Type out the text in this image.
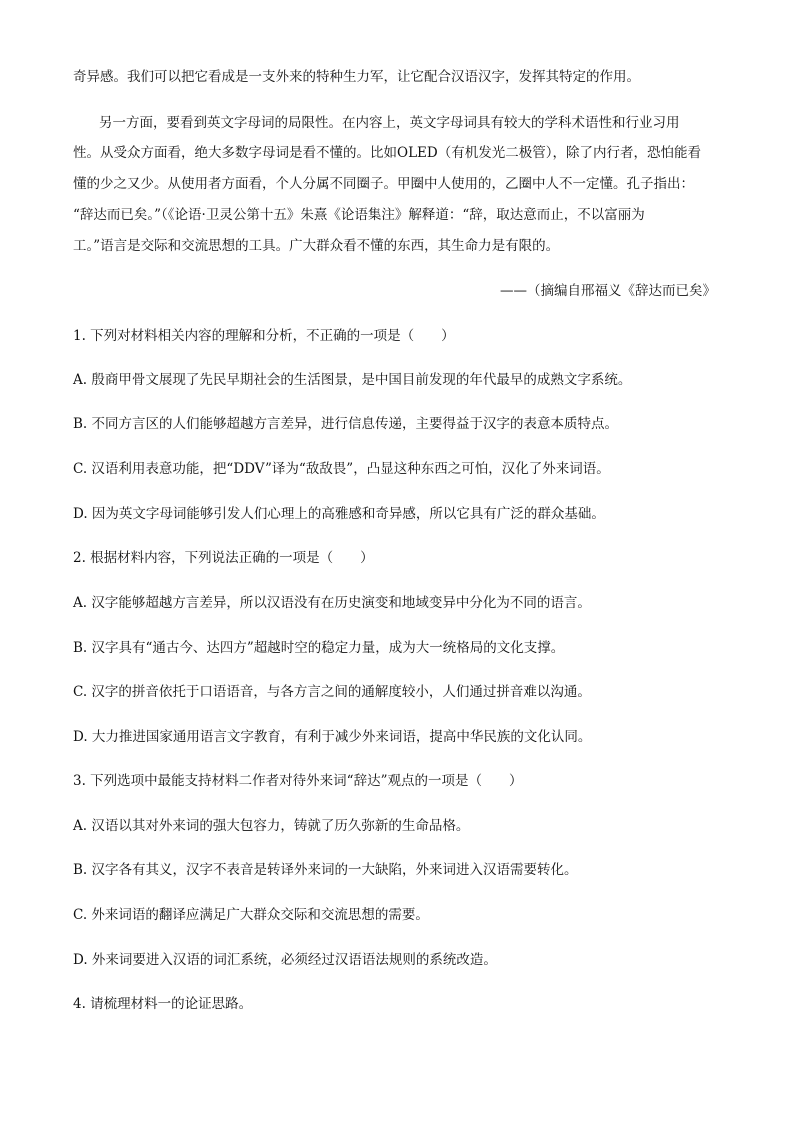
奇异感。我们可以把它看成是一支外来的特种生力军，让它配合汉语汉字，发挥其特定的作用。
另一方面，要看到英文字母词的局限性。在内容上，英文字母词具有较大的学科术语性和行业习用
性。从受众方面看，绝大多数字母词是看不懂的。比如OLED（有机发光二极管），除了内行者，恐怕能看
懂的少之又少。从使用者方面看，个人分属不同圈子。甲圈中人使用的，乙圈中人不一定懂。孔子指出：
“辞达而已矣。”（《论语·卫灵公第十五》朱熹《论语集注》解释道：“辞，取达意而止，不以富丽为
工。”语言是交际和交流思想的工具。广大群众看不懂的东西，其生命力是有限的。
——（摘编自邢福义《辞达而已矣》
1. 下列对材料相关内容的理解和分析，不正确的一项是（　　）
A. 殷商甲骨文展现了先民早期社会的生活图景，是中国目前发现的年代最早的成熟文字系统。
B. 不同方言区的人们能够超越方言差异，进行信息传递，主要得益于汉字的表意本质特点。
C. 汉语利用表意功能，把“DDV”译为“敌敌畏”，凸显这种东西之可怕，汉化了外来词语。
D. 因为英文字母词能够引发人们心理上的高雅感和奇异感，所以它具有广泛的群众基础。
2. 根据材料内容，下列说法正确的一项是（　　）
A. 汉字能够超越方言差异，所以汉语没有在历史演变和地域变异中分化为不同的语言。
B. 汉字具有“通古今、达四方”超越时空的稳定力量，成为大一统格局的文化支撑。
C. 汉字的拼音依托于口语语音，与各方言之间的通解度较小，人们通过拼音难以沟通。
D. 大力推进国家通用语言文字教育，有利于减少外来词语，提高中华民族的文化认同。
3. 下列选项中最能支持材料二作者对待外来词“辞达”观点的一项是（　　）
A. 汉语以其对外来词的强大包容力，铸就了历久弥新的生命品格。
B. 汉字各有其义，汉字不表音是转译外来词的一大缺陷，外来词进入汉语需要转化。
C. 外来词语的翻译应满足广大群众交际和交流思想的需要。
D. 外来词要进入汉语的词汇系统，必须经过汉语语法规则的系统改造。
4. 请梳理材料一的论证思路。
